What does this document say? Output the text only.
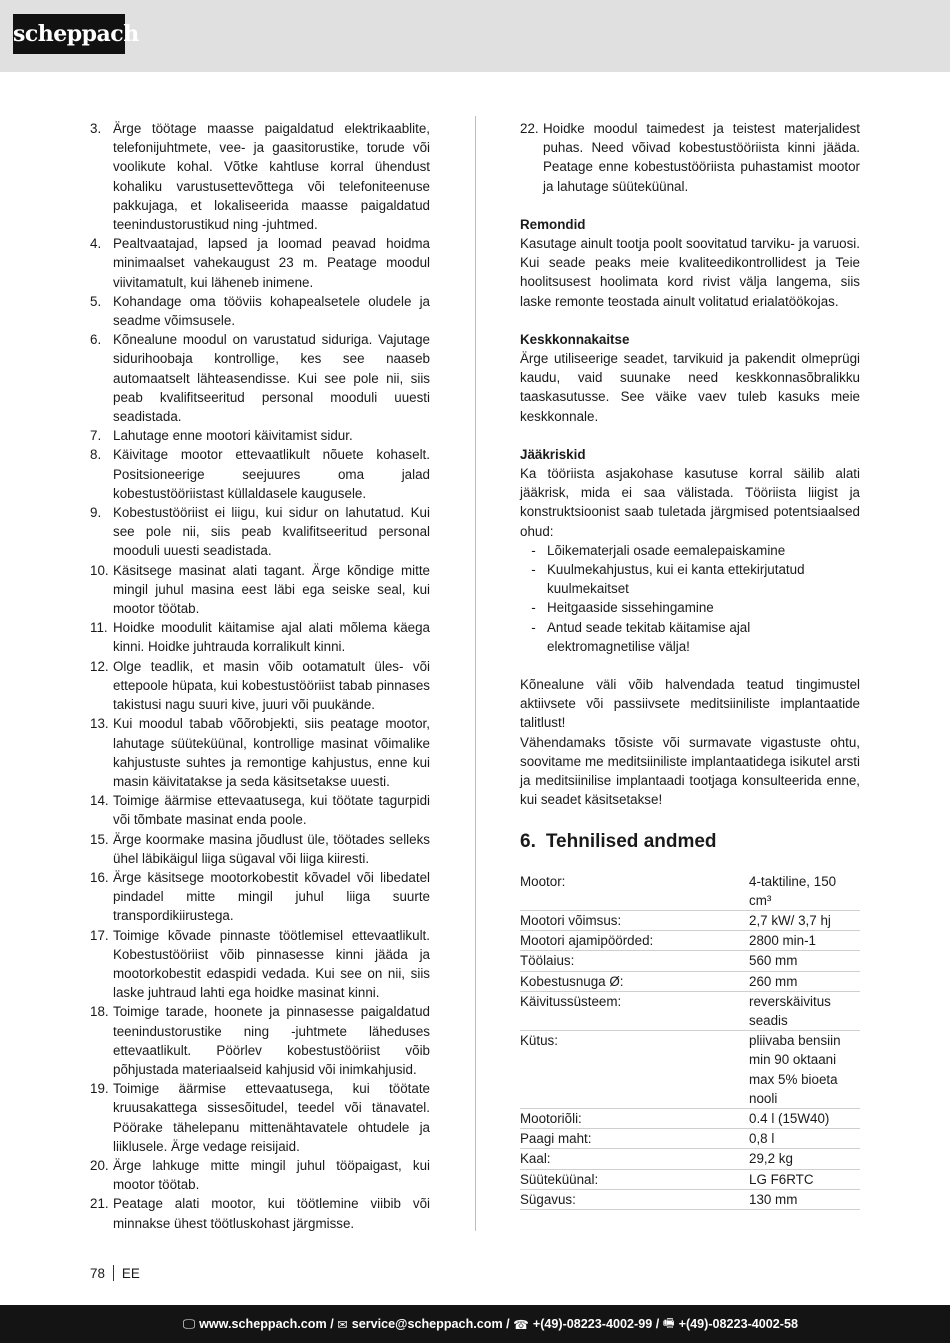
scheppach
3. Ärge töötage maasse paigaldatud elektrikaablite, telefonijuhtmete, vee- ja gaasitorustike, torude või voolikute kohal. Võtke kahtluse korral ühendust kohaliku varustusettevõttega või telefoniteenuse pakkujaga, et lokaliseerida maasse paigaldatud teenindustorustikud ning -juhtmed.
4. Pealtvaatajad, lapsed ja loomad peavad hoidma minimaalset vahekaugust 23 m. Peatage moodul viivitamatult, kui läheneb inimene.
5. Kohandage oma tööviis kohapealsetele oludele ja seadme võimsusele.
6. Kõnealune moodul on varustatud siduriga. Vajutage sidurihoobaja kontrollige, kes see naaseb automaatselt lähteasendisse. Kui see pole nii, siis peab kvalifitseeritud personal mooduli uuesti seadistada.
7. Lahutage enne mootori käivitamist sidur.
8. Käivitage mootor ettevaatlikult nõuete kohaselt. Positsioneerige seejuures oma jalad kobestustööriistast küllaldasele kaugusele.
9. Kobestustööriist ei liigu, kui sidur on lahutatud. Kui see pole nii, siis peab kvalifitseeritud personal mooduli uuesti seadistada.
10. Käsitsege masinat alati tagant. Ärge kõndige mitte mingil juhul masina eest läbi ega seiske seal, kui mootor töötab.
11. Hoidke moodulit käitamise ajal alati mõlema käega kinni. Hoidke juhtrauda korralikult kinni.
12. Olge teadlik, et masin võib ootamatult üles- või ettepoole hüpata, kui kobestustööriist tabab pinnases takistusi nagu suuri kive, juuri või puukände.
13. Kui moodul tabab võõrobjekti, siis peatage mootor, lahutage süüteküünal, kontrollige masinat võimalike kahjustuste suhtes ja remontige kahjustus, enne kui masin käivitatakse ja seda käsitsetakse uuesti.
14. Toimige äärmise ettevaatusega, kui töötate tagurpidi või tõmbate masinat enda poole.
15. Ärge koormake masina jõudlust üle, töötades selleks ühel läbikäigul liiga sügaval või liiga kiiresti.
16. Ärge käsitsege mootorkobestit kõvadel või libedatel pindadel mitte mingil juhul liiga suurte transpordikiirustega.
17. Toimige kõvade pinnaste töötlemisel ettevaatlikult. Kobestustööriist võib pinnasesse kinni jääda ja mootorkobestit edaspidi vedada. Kui see on nii, siis laske juhtraud lahti ega hoidke masinat kinni.
18. Toimige tarade, hoonete ja pinnasesse paigaldatud teenindustorustike ning -juhtmete läheduses ettevaatlikult. Pöörlev kobestustööriist võib põhjustada materiaalseid kahjusid või inimkahjusid.
19. Toimige äärmise ettevaatusega, kui töötate kruusakattega sissesõitudel, teedel või tänavatel. Pöörake tähelepanu mittenähtavatele ohtudele ja liiklusele. Ärge vedage reisijaid.
20. Ärge lahkuge mitte mingil juhul tööpaigast, kui mootor töötab.
21. Peatage alati mootor, kui töötlemine viibib või minnakse ühest töötluskohast järgmisse.
22. Hoidke moodul taimedest ja teistest materjalidest puhas. Need võivad kobestustööriista kinni jääda. Peatage enne kobestustööriista puhastamist mootor ja lahutage süüteküünal.
Remondid
Kasutage ainult tootja poolt soovitatud tarviku- ja varuosi. Kui seade peaks meie kvaliteedikontrollidest ja Teie hoolitsusest hoolimata kord rivist välja langema, siis laske remonte teostada ainult volitatud erialatöökojas.
Keskkonnakaitse
Ärge utiliseerige seadet, tarvikuid ja pakendit olmeprügi kaudu, vaid suunake need keskkonnasõbralikku taaskasutusse. See väike vaev tuleb kasuks meie keskkonnale.
Jääkriskid
Ka tööriista asjakohase kasutuse korral säilib alati jääkrisk, mida ei saa välistada. Tööriista liigist ja konstruktsioonist saab tuletada järgmised potentsiaalsed ohud:
- Lõikematerjali osade eemalepaiskamine
- Kuulmekahjustus, kui ei kanta ettekirjutatud kuulmekaitset
- Heitgaaside sissehingamine
- Antud seade tekitab käitamise ajal elektromagnetilise välja!
Kõnealune väli võib halvendada teatud tingimustel aktiivsete või passiivsete meditsiiniliste implantaatide talitlust!
Vähendamaks tõsiste või surmavate vigastuste ohtu, soovitame me meditsiiniliste implantaatidega isikutel arsti ja meditsiinilise implantaadi tootjaga konsulteerida enne, kui seadet käsitsetakse!
6. Tehnilised andmed
Mootor:	4-taktiline, 150 cm³
Mootori võimsus:	2,7 kW/ 3,7 hj
Mootori ajamipöörded:	2800 min-1
Töölaius:	560 mm
Kobestusnuga Ø:	260 mm
Käivitussüsteem:	reverskäivitus seadis
Kütus:	pliivaba bensiin min 90 oktaani max 5% bioeta nooli
Mootoriõli:	0.4 l (15W40)
Paagi maht:	0,8 l
Kaal:	29,2 kg
Süüteküünal:	LG F6RTC
Sügavus:	130 mm
78 EE
🖵 www.scheppach.com /
✉ service@scheppach.com /
☎ +(49)-08223-4002-99 /
🖷 +(49)-08223-4002-58
